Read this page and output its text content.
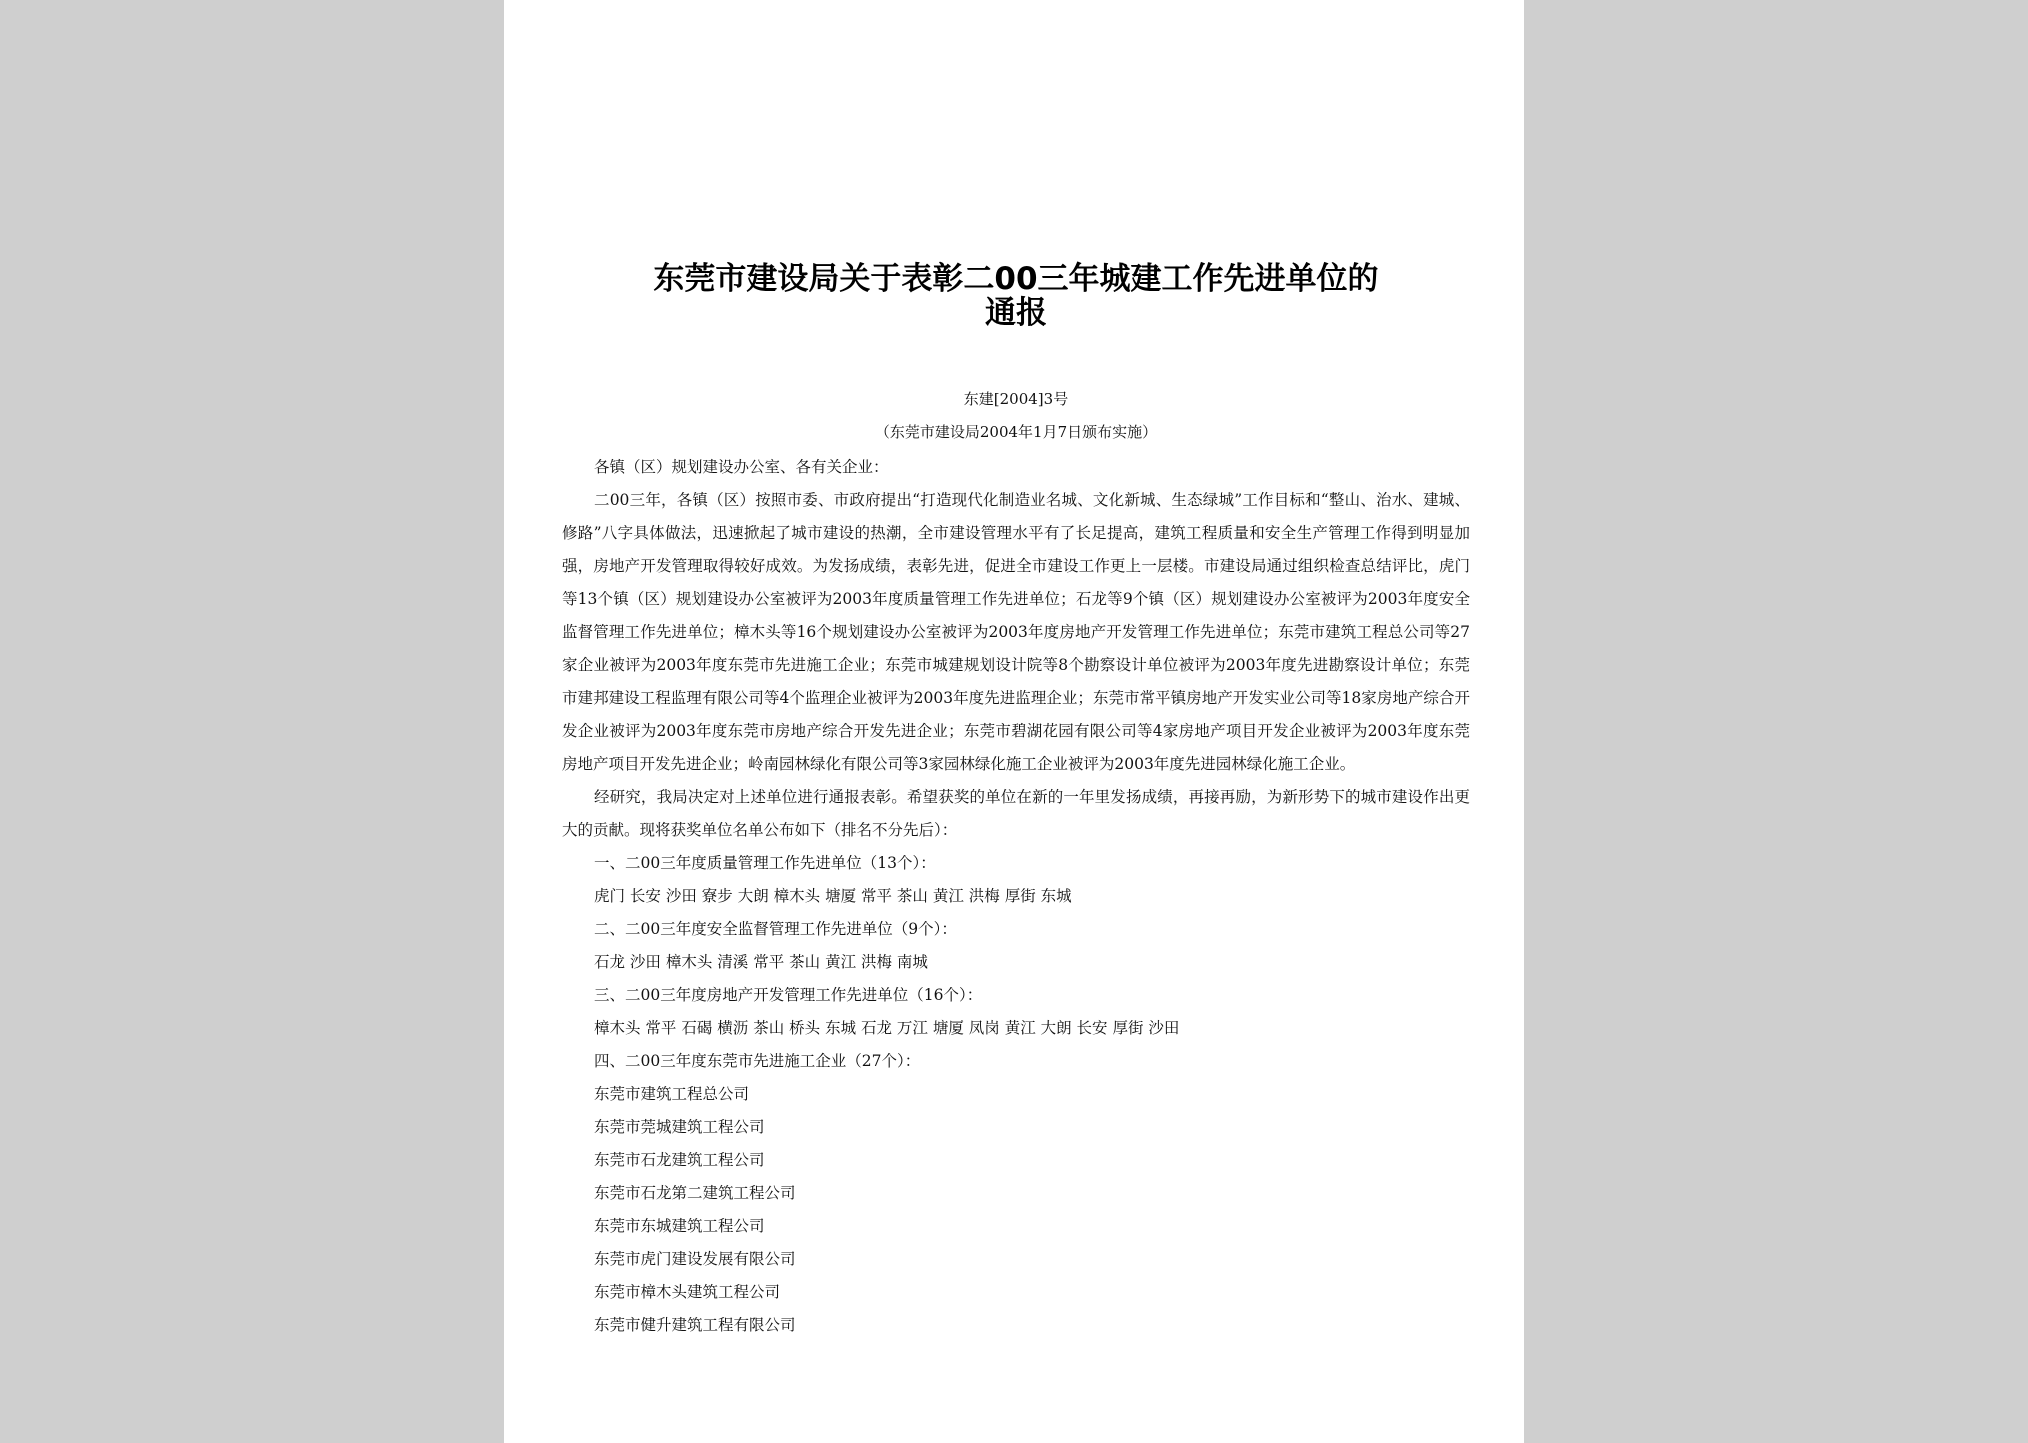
东莞市建设局关于表彰二00三年城建工作先进单位的
通报
东建[2004]3号
（东莞市建设局2004年1月7日颁布实施）

各镇（区）规划建设办公室、各有关企业：

二00三年，各镇（区）按照市委、市政府提出“打造现代化制造业名城、文化新城、生态绿城”工作目标和“整山、治水、建城、修路”八字具体做法，迅速掀起了城市建设的热潮，全市建设管理水平有了长足提高，建筑工程质量和安全生产管理工作得到明显加强，房地产开发管理取得较好成效。为发扬成绩，表彰先进，促进全市建设工作更上一层楼。市建设局通过组织检查总结评比，虎门等13个镇（区）规划建设办公室被评为2003年度质量管理工作先进单位；石龙等9个镇（区）规划建设办公室被评为2003年度安全监督管理工作先进单位；樟木头等16个规划建设办公室被评为2003年度房地产开发管理工作先进单位；东莞市建筑工程总公司等27家企业被评为2003年度东莞市先进施工企业；东莞市城建规划设计院等8个勘察设计单位被评为2003年度先进勘察设计单位；东莞市建邦建设工程监理有限公司等4个监理企业被评为2003年度先进监理企业；东莞市常平镇房地产开发实业公司等18家房地产综合开发企业被评为2003年度东莞市房地产综合开发先进企业；东莞市碧湖花园有限公司等4家房地产项目开发企业被评为2003年度东莞房地产项目开发先进企业；岭南园林绿化有限公司等3家园林绿化施工企业被评为2003年度先进园林绿化施工企业。

经研究，我局决定对上述单位进行通报表彰。希望获奖的单位在新的一年里发扬成绩，再接再励，为新形势下的城市建设作出更大的贡献。现将获奖单位名单公布如下（排名不分先后）：

一、二00三年度质量管理工作先进单位（13个）：

虎门 长安 沙田 寮步 大朗 樟木头 塘厦 常平 茶山 黄江 洪梅 厚街 东城

二、二00三年度安全监督管理工作先进单位（9个）：

石龙 沙田 樟木头 清溪 常平 茶山 黄江 洪梅 南城

三、二00三年度房地产开发管理工作先进单位（16个）：

樟木头 常平 石碣 横沥 茶山 桥头 东城 石龙 万江 塘厦 凤岗 黄江 大朗 长安 厚街 沙田

四、二00三年度东莞市先进施工企业（27个）：

东莞市建筑工程总公司

东莞市莞城建筑工程公司

东莞市石龙建筑工程公司

东莞市石龙第二建筑工程公司

东莞市东城建筑工程公司

东莞市虎门建设发展有限公司

东莞市樟木头建筑工程公司

东莞市健升建筑工程有限公司
